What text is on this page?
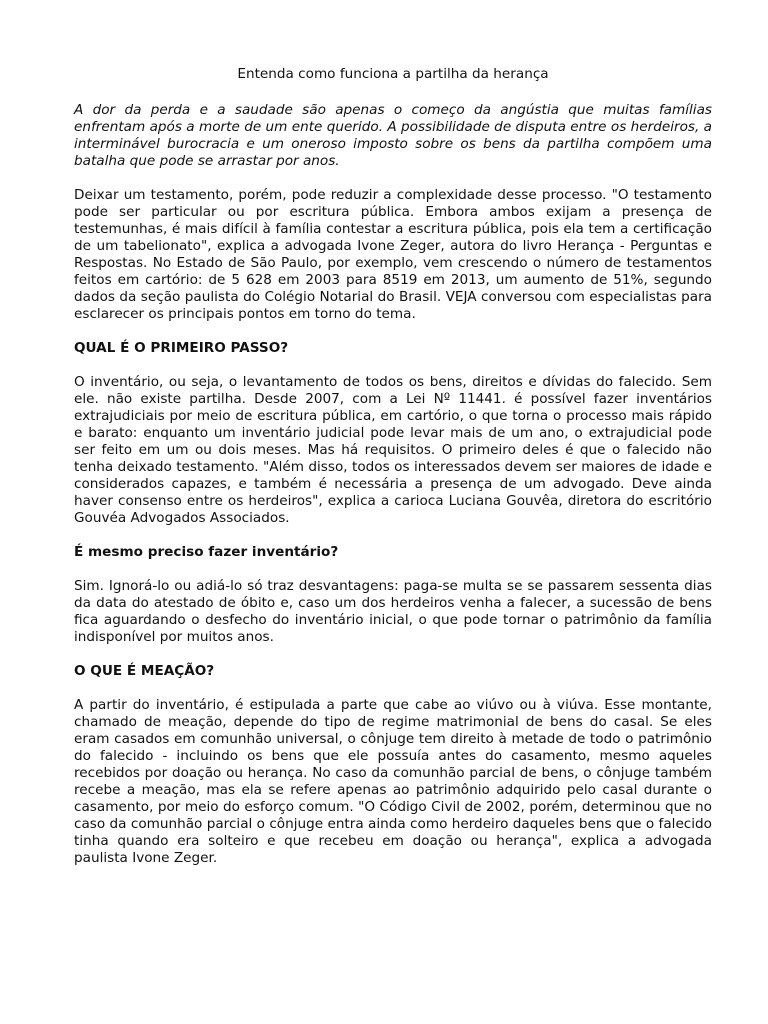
Entenda como funciona a partilha da herança

A dor da perda e a saudade são apenas o começo da angústia que muitas famílias enfrentam após a morte de um ente querido. A possibilidade de disputa entre os herdeiros, a interminável burocracia e um oneroso imposto sobre os bens da partilha compõem uma batalha que pode se arrastar por anos.

Deixar um testamento, porém, pode reduzir a complexidade desse processo. "O testamento pode ser particular ou por escritura pública. Embora ambos exijam a presença de testemunhas, é mais difícil à família contestar a escritura pública, pois ela tem a certificação de um tabelionato", explica a advogada Ivone Zeger, autora do livro Herança - Perguntas e Respostas. No Estado de São Paulo, por exemplo, vem crescendo o número de testamentos feitos em cartório: de 5 628 em 2003 para 8519 em 2013, um aumento de 51%, segundo dados da seção paulista do Colégio Notarial do Brasil. VEJA conversou com especialistas para esclarecer os principais pontos em torno do tema.

QUAL É O PRIMEIRO PASSO?

O inventário, ou seja, o levantamento de todos os bens, direitos e dívidas do falecido. Sem ele. não existe partilha. Desde 2007, com a Lei Nº 11441. é possível fazer inventários extrajudiciais por meio de escritura pública, em cartório, o que torna o processo mais rápido e barato: enquanto um inventário judicial pode levar mais de um ano, o extrajudicial pode ser feito em um ou dois meses. Mas há requisitos. O primeiro deles é que o falecido não tenha deixado testamento. "Além disso, todos os interessados devem ser maiores de idade e considerados capazes, e também é necessária a presença de um advogado. Deve ainda haver consenso entre os herdeiros", explica a carioca Luciana Gouvêa, diretora do escritório Gouvéa Advogados Associados.

É mesmo preciso fazer inventário?

Sim. Ignorá-lo ou adiá-lo só traz desvantagens: paga-se multa se se passarem sessenta dias da data do atestado de óbito e, caso um dos herdeiros venha a falecer, a sucessão de bens fica aguardando o desfecho do inventário inicial, o que pode tornar o patrimônio da família indisponível por muitos anos.

O QUE É MEAÇÃO?

A partir do inventário, é estipulada a parte que cabe ao viúvo ou à viúva. Esse montante, chamado de meação, depende do tipo de regime matrimonial de bens do casal. Se eles eram casados em comunhão universal, o cônjuge tem direito à metade de todo o patrimônio do falecido - incluindo os bens que ele possuía antes do casamento, mesmo aqueles recebidos por doação ou herança. No caso da comunhão parcial de bens, o cônjuge também recebe a meação, mas ela se refere apenas ao patrimônio adquirido pelo casal durante o casamento, por meio do esforço comum. "O Código Civil de 2002, porém, determinou que no caso da comunhão parcial o cônjuge entra ainda como herdeiro daqueles bens que o falecido tinha quando era solteiro e que recebeu em doação ou herança", explica a advogada paulista Ivone Zeger.
